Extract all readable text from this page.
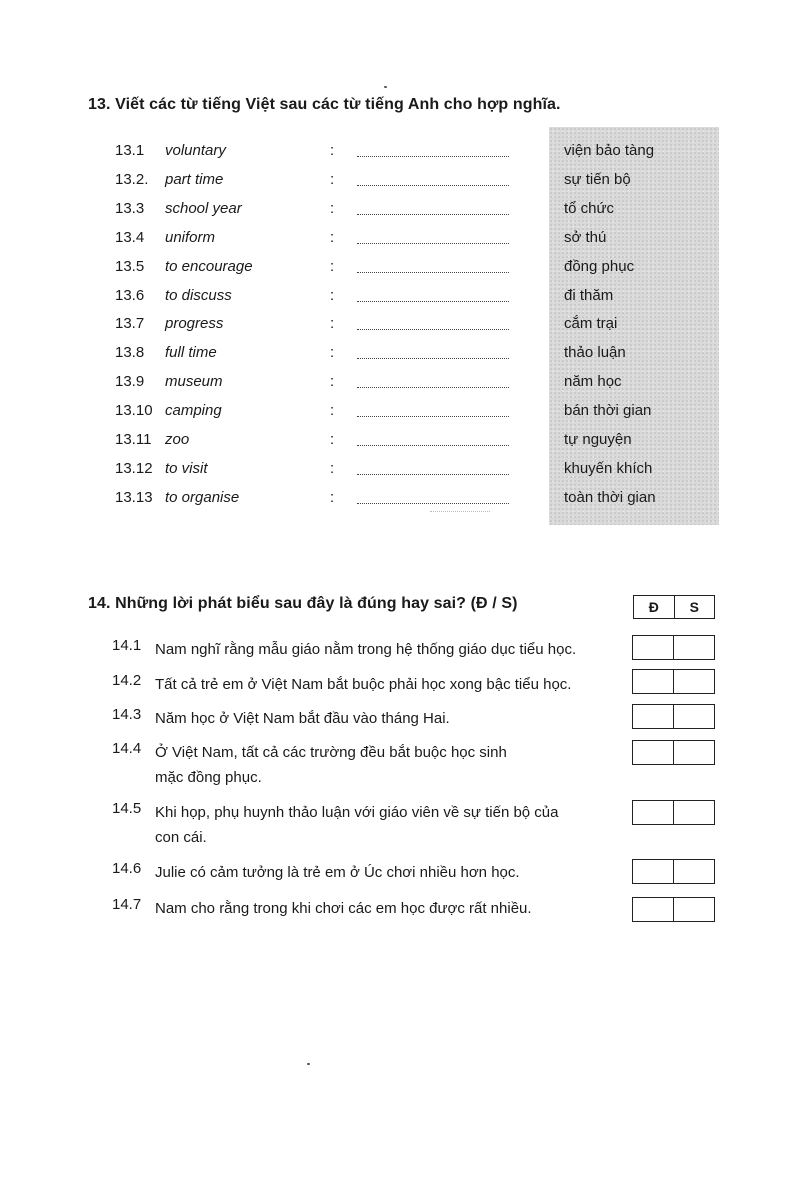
13. Viết các từ tiếng Việt sau các từ tiếng Anh cho hợp nghĩa.
13.1 voluntary	:	viện bảo tàng
13.2. part time	:	sự tiến bộ
13.3 school year	:	tổ chức
13.4 uniform	:	sở thú
13.5 to encourage	:	đồng phục
13.6 to discuss	:	đi thăm
13.7 progress	:	cắm trại
13.8 full time	:	thảo luận
13.9 museum	:	năm học
13.10 camping	:	bán thời gian
13.11 zoo	:	tự nguyện
13.12 to visit	:	khuyến khích
13.13 to organise	:	toàn thời gian
14. Những lời phát biểu sau đây là đúng hay sai? (Đ / S)	Đ	S
14.1 Nam nghĩ rằng mẫu giáo nằm trong hệ thống giáo dục tiểu học.
14.2 Tất cả trẻ em ở Việt Nam bắt buộc phải học xong bậc tiểu học.
14.3 Năm học ở Việt Nam bắt đầu vào tháng Hai.
14.4 Ở Việt Nam, tất cả các trường đều bắt buộc học sinh
mặc đồng phục.
14.5 Khi họp, phụ huynh thảo luận với giáo viên về sự tiến bộ của
con cái.
14.6 Julie có cảm tưởng là trẻ em ở Úc chơi nhiều hơn học.
14.7 Nam cho rằng trong khi chơi các em học được rất nhiều.
